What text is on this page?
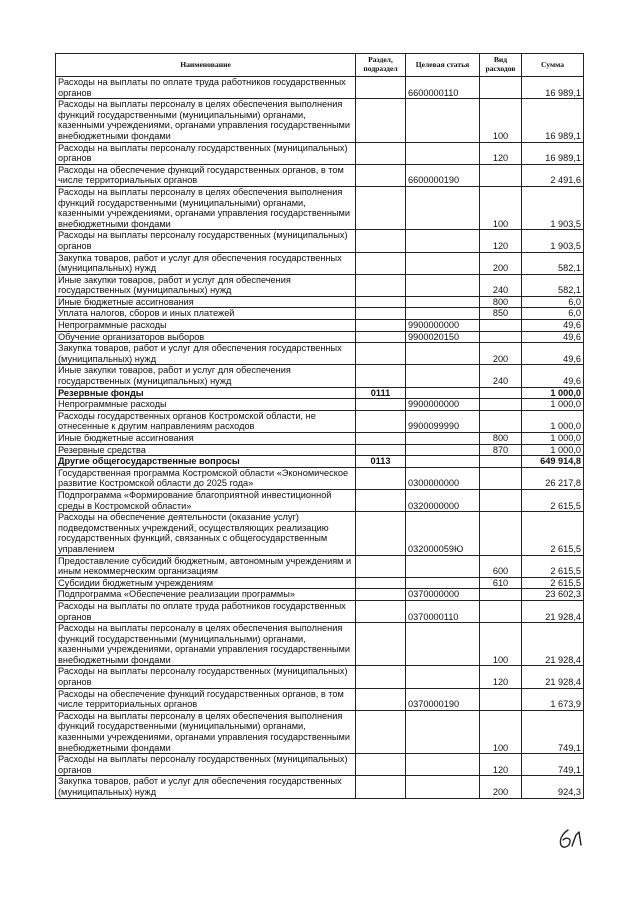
Наименование	Раздел, подраздел	Целевая статья	Вид расходов	Сумма
Расходы на выплаты по оплате труда работников государственных органов		6600000110		16 989,1
Расходы на выплаты персоналу в целях обеспечения выполнения функций государственными (муниципальными) органами, казенными учреждениями, органами управления государственными внебюджетными фондами			100	16 989,1
Расходы на выплаты персоналу государственных (муниципальных) органов			120	16 989,1
Расходы на обеспечение функций государственных органов, в том числе территориальных органов		6600000190		2 491,6
Расходы на выплаты персоналу в целях обеспечения выполнения функций государственными (муниципальными) органами, казенными учреждениями, органами управления государственными внебюджетными фондами			100	1 903,5
Расходы на выплаты персоналу государственных (муниципальных) органов			120	1 903,5
Закупка товаров, работ и услуг для обеспечения государственных (муниципальных) нужд			200	582,1
Иные закупки товаров, работ и услуг для обеспечения государственных (муниципальных) нужд			240	582,1
Иные бюджетные ассигнования			800	6,0
Уплата налогов, сборов и иных платежей			850	6,0
Непрограммные расходы		9900000000		49,6
Обучение организаторов выборов		9900020150		49,6
Закупка товаров, работ и услуг для обеспечения государственных (муниципальных) нужд			200	49,6
Иные закупки товаров, работ и услуг для обеспечения государственных (муниципальных) нужд			240	49,6
Резервные фонды	0111			1 000,0
Непрограммные расходы		9900000000		1 000,0
Расходы государственных органов Костромской области, не отнесенные к другим направлениям расходов		9900099990		1 000,0
Иные бюджетные ассигнования			800	1 000,0
Резервные средства			870	1 000,0
Другие общегосударственные вопросы	0113			649 914,8
Государственная программа Костромской области «Экономическое развитие Костромской области до 2025 года»		0300000000		26 217,8
Подпрограмма «Формирование благоприятной инвестиционной среды в Костромской области»		0320000000		2 615,5
Расходы на обеспечение деятельности (оказание услуг) подведомственных учреждений, осуществляющих реализацию государственных функций, связанных с общегосударственным управлением		032000059Ю		2 615,5
Предоставление субсидий бюджетным, автономным учреждениям и иным некоммерческим организациям			600	2 615,5
Субсидии бюджетным учреждениям			610	2 615,5
Подпрограмма «Обеспечение реализации программы»		0370000000		23 602,3
Расходы на выплаты по оплате труда работников государственных органов		0370000110		21 928,4
Расходы на выплаты персоналу в целях обеспечения выполнения функций государственными (муниципальными) органами, казенными учреждениями, органами управления государственными внебюджетными фондами			100	21 928,4
Расходы на выплаты персоналу государственных (муниципальных) органов			120	21 928,4
Расходы на обеспечение функций государственных органов, в том числе территориальных органов		0370000190		1 673,9
Расходы на выплаты персоналу в целях обеспечения выполнения функций государственными (муниципальными) органами, казенными учреждениями, органами управления государственными внебюджетными фондами			100	749,1
Расходы на выплаты персоналу государственных (муниципальных) органов			120	749,1
Закупка товаров, работ и услуг для обеспечения государственных (муниципальных) нужд			200	924,3
